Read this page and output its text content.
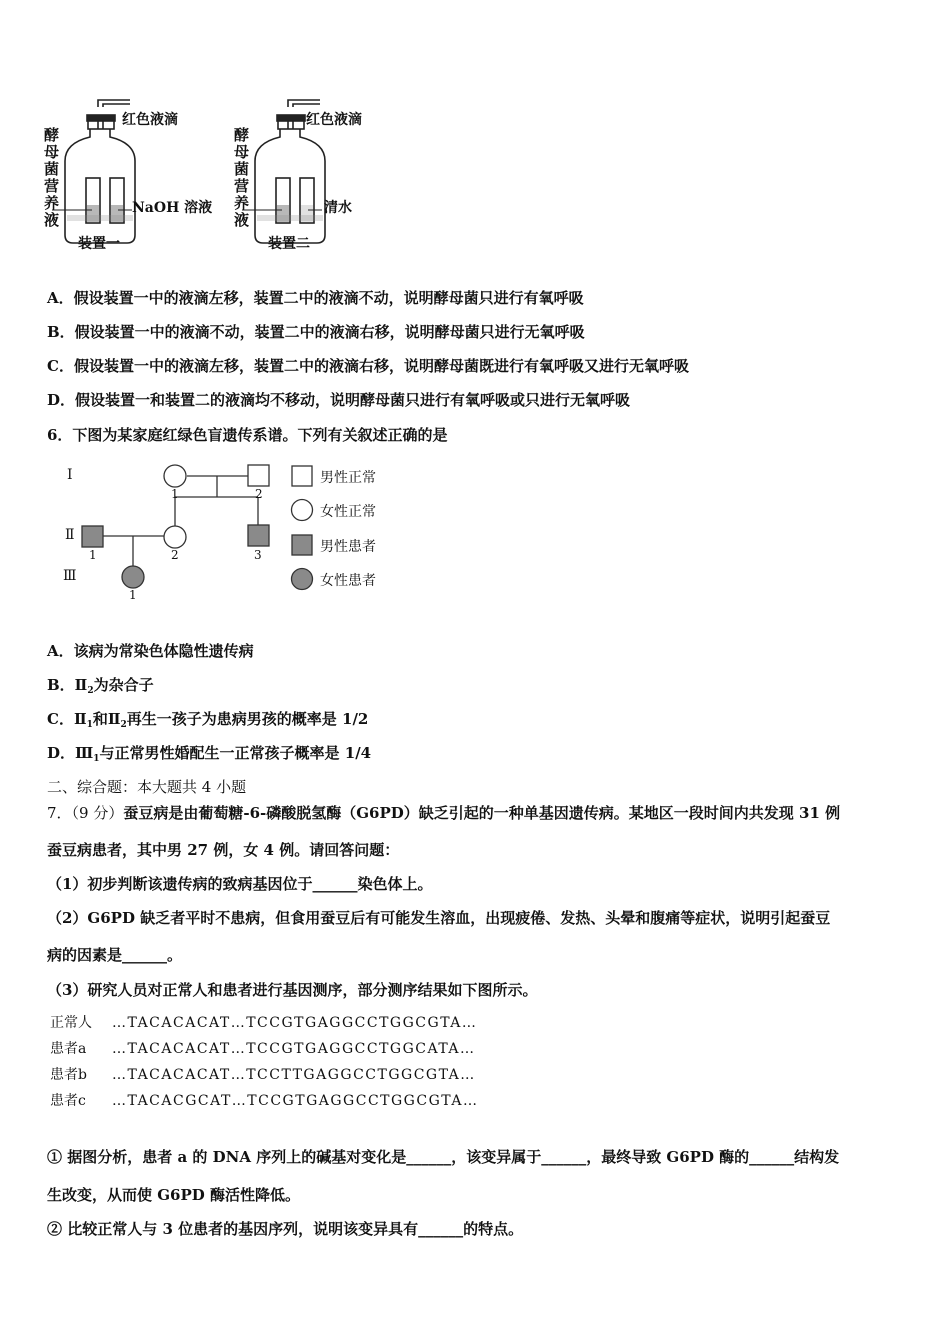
红色液滴
酵母菌营养液
NaOH 溶液
装置一
红色液滴
酵母菌营养液
清水
装置二
A．假设装置一中的液滴左移，装置二中的液滴不动，说明酵母菌只进行有氧呼吸
B．假设装置一中的液滴不动，装置二中的液滴右移，说明酵母菌只进行无氧呼吸
C．假设装置一中的液滴左移，装置二中的液滴右移，说明酵母菌既进行有氧呼吸又进行无氧呼吸
D．假设装置一和装置二的液滴均不移动，说明酵母菌只进行有氧呼吸或只进行无氧呼吸
6．下图为某家庭红绿色盲遗传系谱。下列有关叙述正确的是
Ⅰ
Ⅱ
Ⅲ
1	2
1	2	3
1
男性正常
女性正常
男性患者
女性患者
A．该病为常染色体隐性遗传病
B．$Ⅱ_2$为杂合子
C．$Ⅱ_1$和$Ⅱ_2$再生一孩子为患病男孩的概率是 1/2
D．$Ⅲ_1$与正常男性婚配生一正常孩子概率是 1/4
二、综合题：本大题共 4 小题
7．（9 分）蚕豆病是由葡萄糖-6-磷酸脱氢酶（G6PD）缺乏引起的一种单基因遗传病。某地区一段时间内共发现 31 例
蚕豆病患者，其中男 27 例，女 4 例。请回答问题：
（1）初步判断该遗传病的致病基因位于______染色体上。
（2）G6PD 缺乏者平时不患病，但食用蚕豆后有可能发生溶血，出现疲倦、发热、头晕和腹痛等症状，说明引起蚕豆
病的因素是______。
（3）研究人员对正常人和患者进行基因测序，部分测序结果如下图所示。
正常人 …TACACACAT…TCCGTGAGGCCTGGCGTA…
患者a …TACACACAT…TCCGTGAGGCCTGGCATA…
患者b …TACACACAT…TCCTTGAGGCCTGGCGTA…
患者c …TACACGCAT…TCCGTGAGGCCTGGCGTA…
① 据图分析，患者 a 的 DNA 序列上的碱基对变化是______，该变异属于______，最终导致 G6PD 酶的______结构发
生改变，从而使 G6PD 酶活性降低。
② 比较正常人与 3 位患者的基因序列，说明该变异具有______的特点。
